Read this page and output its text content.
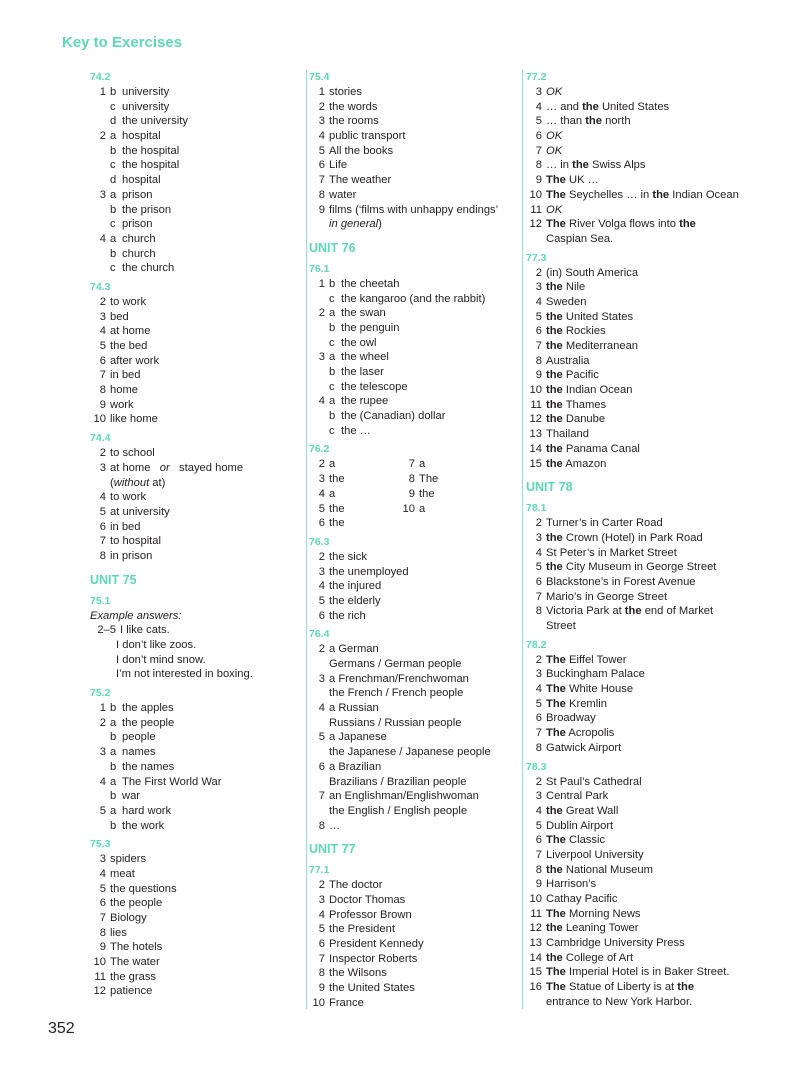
Key to Exercises
74.2
1 b university
c university
d the university
2 a hospital
b the hospital
c the hospital
d hospital
3 a prison
b the prison
c prison
4 a church
b church
c the church
74.3
2 to work
3 bed
4 at home
5 the bed
6 after work
7 in bed
8 home
9 work
10 like home
74.4
2 to school
3 at home   or   stayed home
(without at)
4 to work
5 at university
6 in bed
7 to hospital
8 in prison
UNIT 75
75.1
Example answers:
2–5 I like cats.
I don’t like zoos.
I don’t mind snow.
I’m not interested in boxing.
75.2
1 b the apples
2 a the people
b people
3 a names
b the names
4 a The First World War
b war
5 a hard work
b the work
75.3
3 spiders
4 meat
5 the questions
6 the people
7 Biology
8 lies
9 The hotels
10 The water
11 the grass
12 patience
75.4
1 stories
2 the words
3 the rooms
4 public transport
5 All the books
6 Life
7 The weather
8 water
9 films (‘films with unhappy endings’
in general)
UNIT 76
76.1
1 b the cheetah
c the kangaroo (and the rabbit)
2 a the swan
b the penguin
c the owl
3 a the wheel
b the laser
c the telescope
4 a the rupee
b the (Canadian) dollar
c the …
76.2
2 a	7 a
3 the	8 The
4 a	9 the
5 the	10 a
6 the
76.3
2 the sick
3 the unemployed
4 the injured
5 the elderly
6 the rich
76.4
2 a German
Germans / German people
3 a Frenchman/Frenchwoman
the French / French people
4 a Russian
Russians / Russian people
5 a Japanese
the Japanese / Japanese people
6 a Brazilian
Brazilians / Brazilian people
7 an Englishman/Englishwoman
the English / English people
8 …
UNIT 77
77.1
2 The doctor
3 Doctor Thomas
4 Professor Brown
5 the President
6 President Kennedy
7 Inspector Roberts
8 the Wilsons
9 the United States
10 France
77.2
3 OK
4 … and the United States
5 … than the north
6 OK
7 OK
8 … in the Swiss Alps
9 The UK …
10 The Seychelles … in the Indian Ocean
11 OK
12 The River Volga flows into the
Caspian Sea.
77.3
2 (in) South America
3 the Nile
4 Sweden
5 the United States
6 the Rockies
7 the Mediterranean
8 Australia
9 the Pacific
10 the Indian Ocean
11 the Thames
12 the Danube
13 Thailand
14 the Panama Canal
15 the Amazon
UNIT 78
78.1
2 Turner’s in Carter Road
3 the Crown (Hotel) in Park Road
4 St Peter’s in Market Street
5 the City Museum in George Street
6 Blackstone’s in Forest Avenue
7 Mario’s in George Street
8 Victoria Park at the end of Market
Street
78.2
2 The Eiffel Tower
3 Buckingham Palace
4 The White House
5 The Kremlin
6 Broadway
7 The Acropolis
8 Gatwick Airport
78.3
2 St Paul’s Cathedral
3 Central Park
4 the Great Wall
5 Dublin Airport
6 The Classic
7 Liverpool University
8 the National Museum
9 Harrison’s
10 Cathay Pacific
11 The Morning News
12 the Leaning Tower
13 Cambridge University Press
14 the College of Art
15 The Imperial Hotel is in Baker Street.
16 The Statue of Liberty is at the
entrance to New York Harbor.
352
